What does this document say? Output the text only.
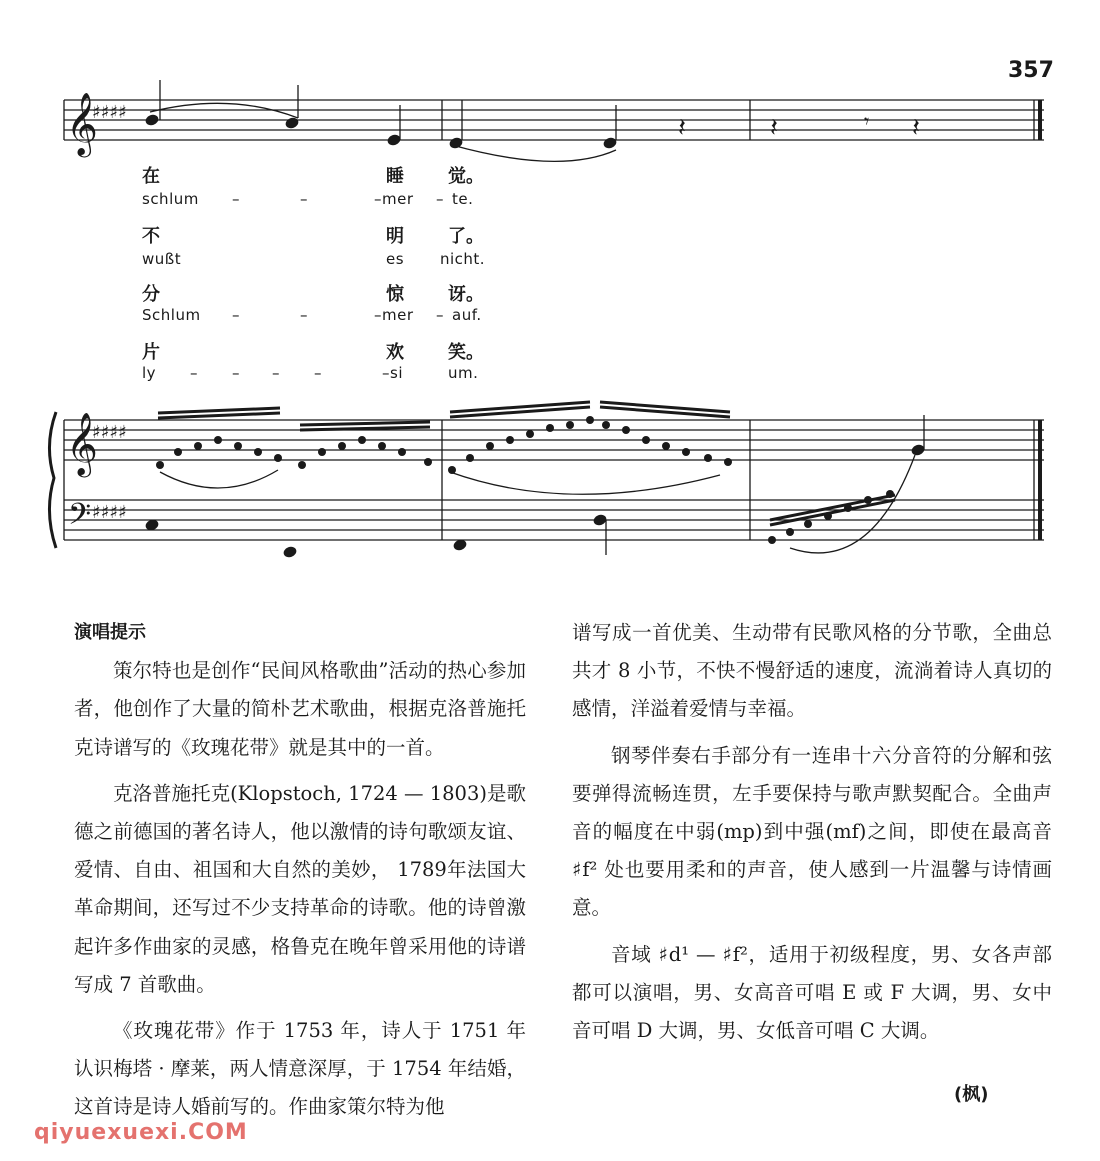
357
𝄞
♯♯♯♯
𝄞
♯♯♯♯
𝄢 ♯♯♯♯
𝄽	𝄽	𝄽
𝄾
在	睡 觉。
schlum –	–	–mer – te.
不	明 了。
wußt	es nicht.
分	惊 讶。
Schlum –	–	–mer – auf.
片	欢 笑。
ly – – – –	–si	um.

演唱提示

策尔特也是创作“民间风格歌曲”活动的热心参加者，他创作了大量的简朴艺术歌曲，根据克洛普施托克诗谱写的《玫瑰花带》就是其中的一首。

克洛普施托克(Klopstoch, 1724 — 1803)是歌德之前德国的著名诗人，他以激情的诗句歌颂友谊、爱情、自由、祖国和大自然的美妙， 1789年法国大革命期间，还写过不少支持革命的诗歌。他的诗曾激起许多作曲家的灵感，格鲁克在晚年曾采用他的诗谱写成 7 首歌曲。

《玫瑰花带》作于 1753 年，诗人于 1751 年认识梅塔 · 摩莱，两人情意深厚，于 1754 年结婚，这首诗是诗人婚前写的。作曲家策尔特为他

谱写成一首优美、生动带有民歌风格的分节歌，全曲总共才 8 小节，不快不慢舒适的速度，流淌着诗人真切的感情，洋溢着爱情与幸福。

钢琴伴奏右手部分有一连串十六分音符的分解和弦要弹得流畅连贯，左手要保持与歌声默契配合。全曲声音的幅度在中弱(mp)到中强(mf)之间，即使在最高音 ♯f² 处也要用柔和的声音，使人感到一片温馨与诗情画意。

音域 ♯d¹ — ♯f²，适用于初级程度，男、女各声部都可以演唱，男、女高音可唱 E 或 F 大调，男、女中音可唱 D 大调，男、女低音可唱 C 大调。

(枫)
qiyuexuexi.COM
